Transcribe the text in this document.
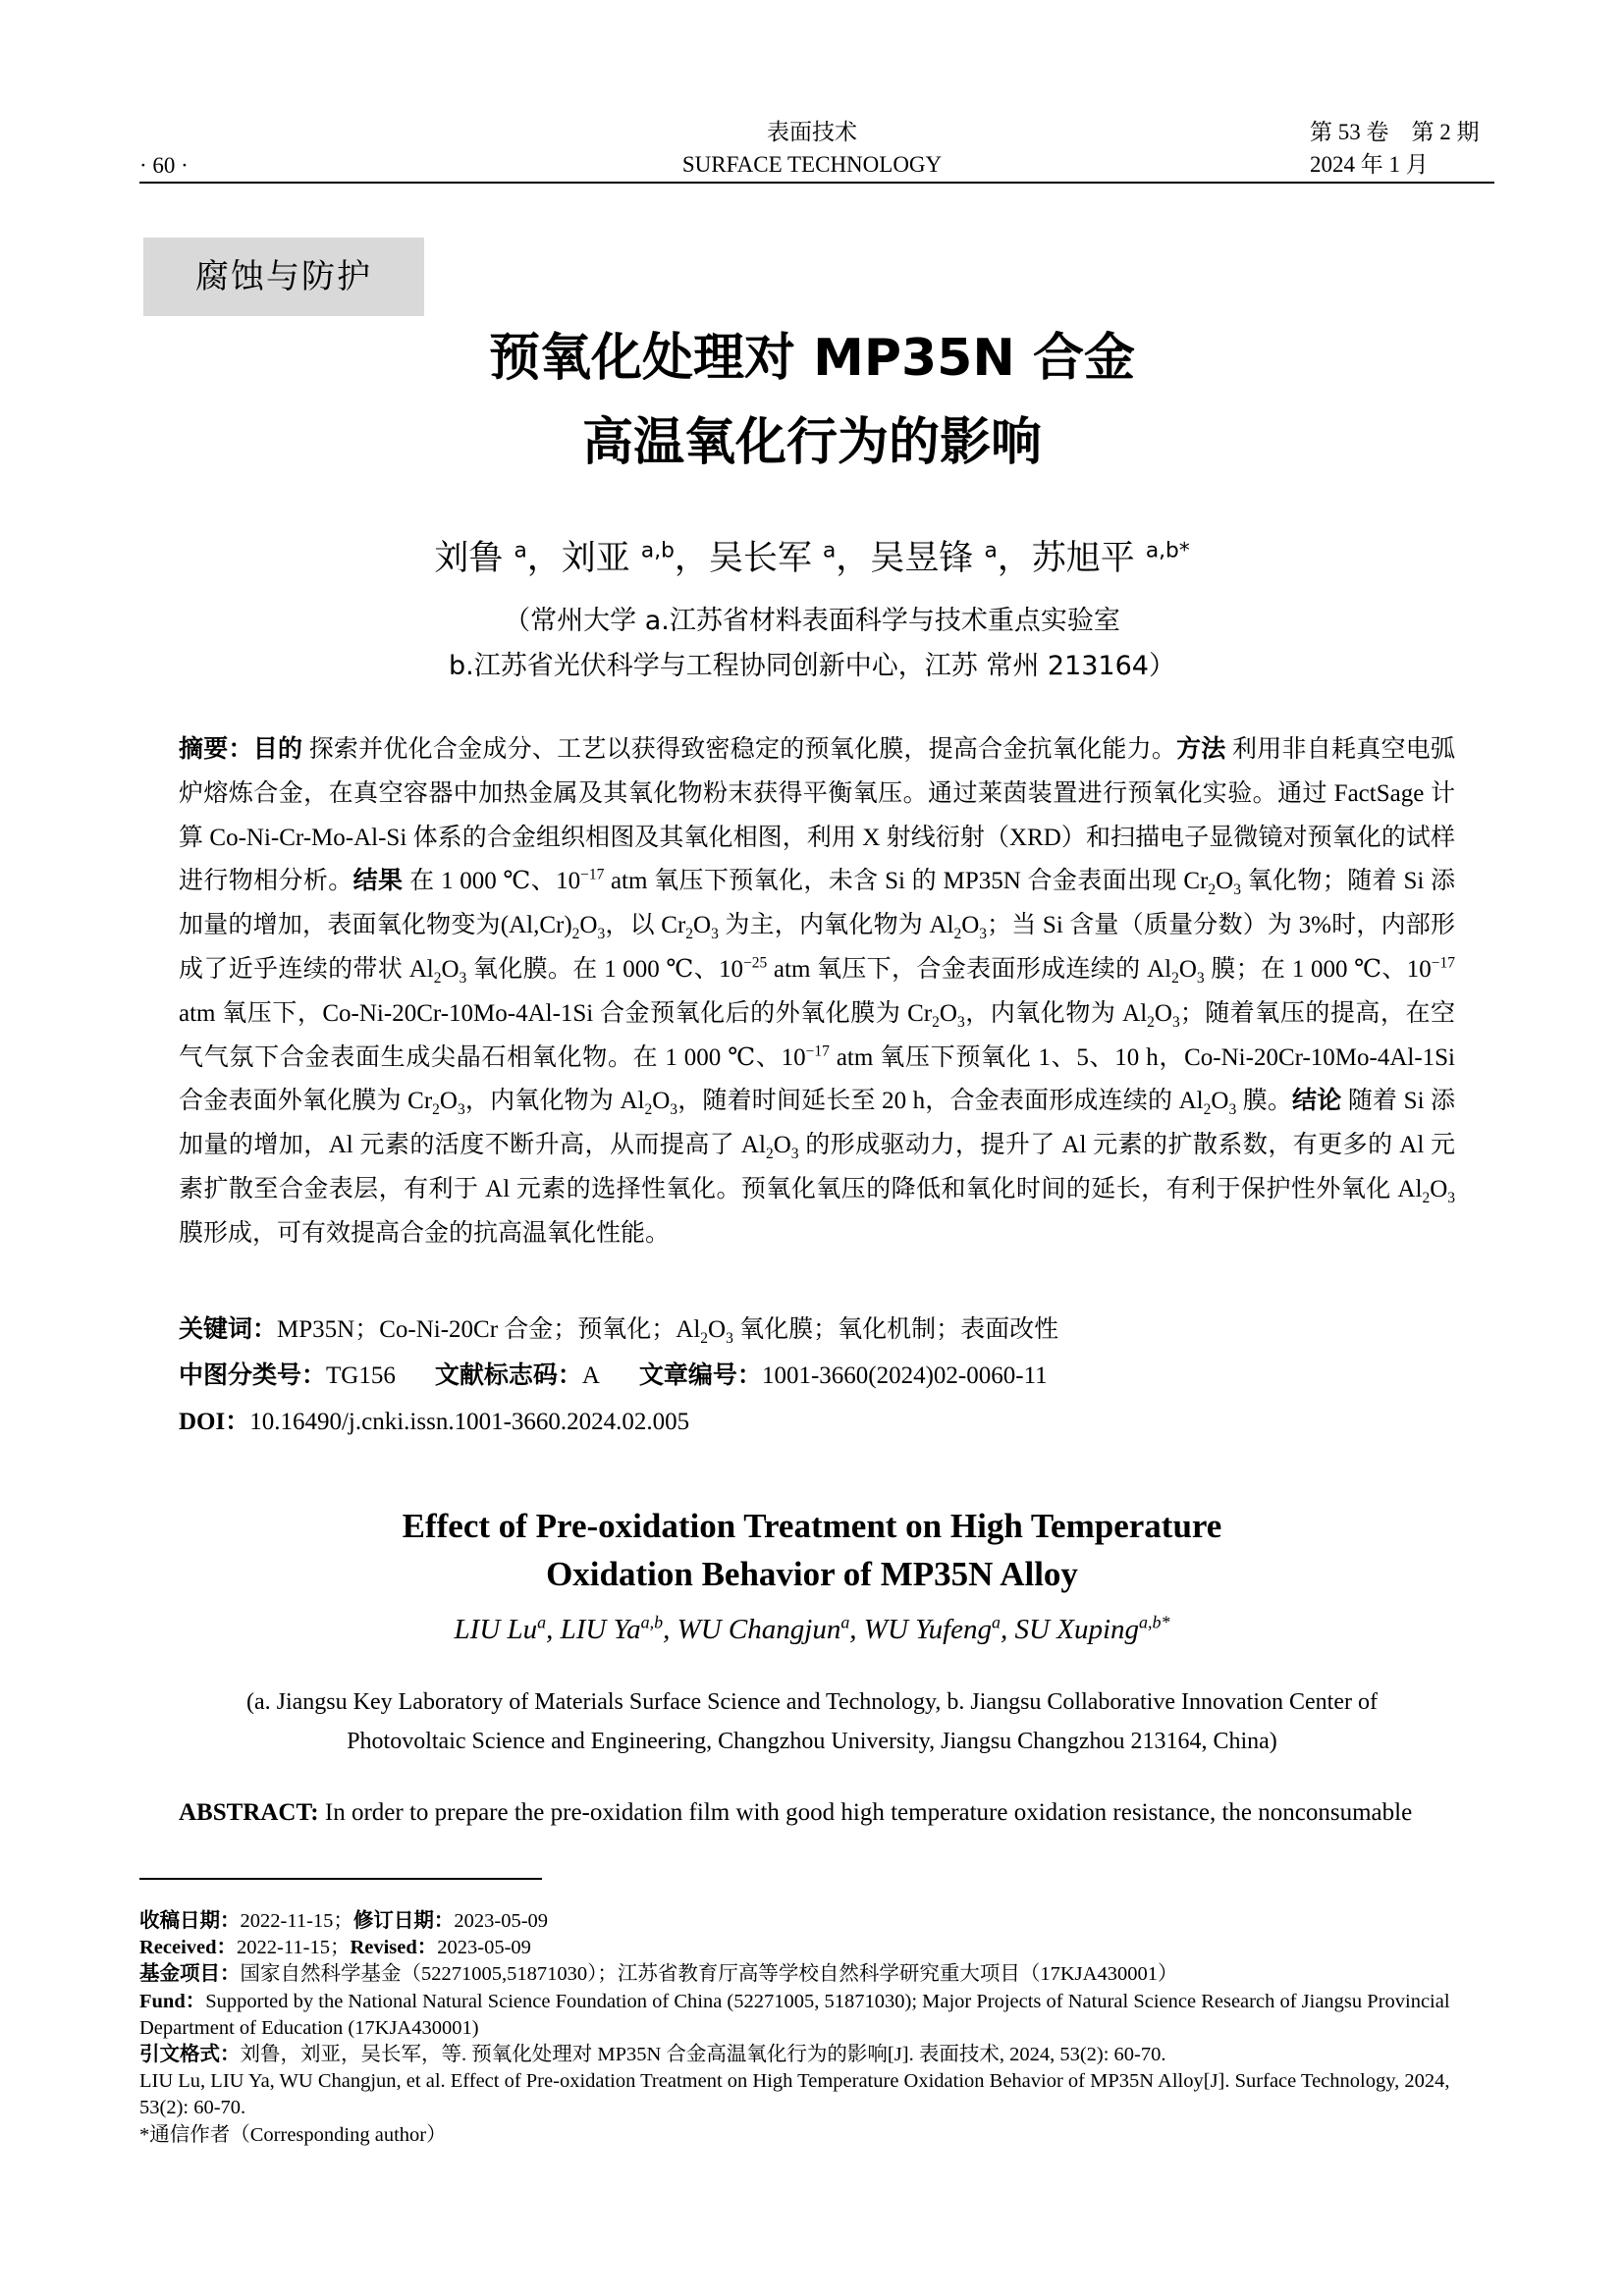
表面技术
SURFACE TECHNOLOGY
· 60 ·
第 53 卷　第 2 期
2024 年 1 月
腐蚀与防护
预氧化处理对 MP35N 合金
高温氧化行为的影响
刘鲁 $^a$，刘亚 $^{a,b}$，吴长军 $^a$，吴昱锋 $^a$，苏旭平 $^{a,b*}$
（常州大学 a.江苏省材料表面科学与技术重点实验室
b.江苏省光伏科学与工程协同创新中心，江苏 常州 213164）
摘要：目的 探索并优化合金成分、工艺以获得致密稳定的预氧化膜，提高合金抗氧化能力。方法 利用非自耗真空电弧炉熔炼合金，在真空容器中加热金属及其氧化物粉末获得平衡氧压。通过莱茵装置进行预氧化实验。通过 FactSage 计算 Co-Ni-Cr-Mo-Al-Si 体系的合金组织相图及其氧化相图，利用 X 射线衍射（XRD）和扫描电子显微镜对预氧化的试样进行物相分析。结果 在 1 000 ℃、$10^{-17}$ atm 氧压下预氧化，未含 Si 的 MP35N 合金表面出现 $Cr_2O_3$ 氧化物；随着 Si 添加量的增加，表面氧化物变为$(Al,Cr)_2O_3$，以 $Cr_2O_3$ 为主，内氧化物为 $Al_2O_3$；当 Si 含量（质量分数）为 3%时，内部形成了近乎连续的带状 $Al_2O_3$ 氧化膜。在 1 000 ℃、$10^{-25}$ atm 氧压下，合金表面形成连续的 $Al_2O_3$ 膜；在 1 000 ℃、$10^{-17}$ atm 氧压下，Co-Ni-20Cr-10Mo-4Al-1Si 合金预氧化后的外氧化膜为 $Cr_2O_3$，内氧化物为 $Al_2O_3$；随着氧压的提高，在空气气氛下合金表面生成尖晶石相氧化物。在 1 000 ℃、$10^{-17}$ atm 氧压下预氧化 1、5、10 h，Co-Ni-20Cr-10Mo-4Al-1Si 合金表面外氧化膜为 $Cr_2O_3$，内氧化物为 $Al_2O_3$，随着时间延长至 20 h，合金表面形成连续的 $Al_2O_3$ 膜。结论 随着 Si 添加量的增加，Al 元素的活度不断升高，从而提高了 $Al_2O_3$ 的形成驱动力，提升了 Al 元素的扩散系数，有更多的 Al 元素扩散至合金表层，有利于 Al 元素的选择性氧化。预氧化氧压的降低和氧化时间的延长，有利于保护性外氧化 $Al_2O_3$ 膜形成，可有效提高合金的抗高温氧化性能。
关键词：MP35N；Co-Ni-20Cr 合金；预氧化；$Al_2O_3$ 氧化膜；氧化机制；表面改性
中图分类号：TG156 文献标志码：A 文章编号：1001-3660(2024)02-0060-11
DOI：10.16490/j.cnki.issn.1001-3660.2024.02.005
Effect of Pre-oxidation Treatment on High Temperature
Oxidation Behavior of MP35N Alloy
LIU Lu$^a$, LIU Ya$^{a,b}$, WU Changjun$^a$, WU Yufeng$^a$, SU Xuping$^{a,b*}$
(a. Jiangsu Key Laboratory of Materials Surface Science and Technology, b. Jiangsu Collaborative Innovation Center of
Photovoltaic Science and Engineering, Changzhou University, Jiangsu Changzhou 213164, China)
ABSTRACT: In order to prepare the pre-oxidation film with good high temperature oxidation resistance, the nonconsumable

收稿日期：2022-11-15；修订日期：2023-05-09

Received：2022-11-15；Revised：2023-05-09

基金项目：国家自然科学基金（52271005,51871030）；江苏省教育厅高等学校自然科学研究重大项目（17KJA430001）

Fund：Supported by the National Natural Science Foundation of China (52271005, 51871030); Major Projects of Natural Science Research of Jiangsu Provincial Department of Education (17KJA430001)

引文格式：刘鲁，刘亚，吴长军，等. 预氧化处理对 MP35N 合金高温氧化行为的影响[J]. 表面技术, 2024, 53(2): 60-70.

LIU Lu, LIU Ya, WU Changjun, et al. Effect of Pre-oxidation Treatment on High Temperature Oxidation Behavior of MP35N Alloy[J]. Surface Technology, 2024, 53(2): 60-70.

*通信作者（Corresponding author）
